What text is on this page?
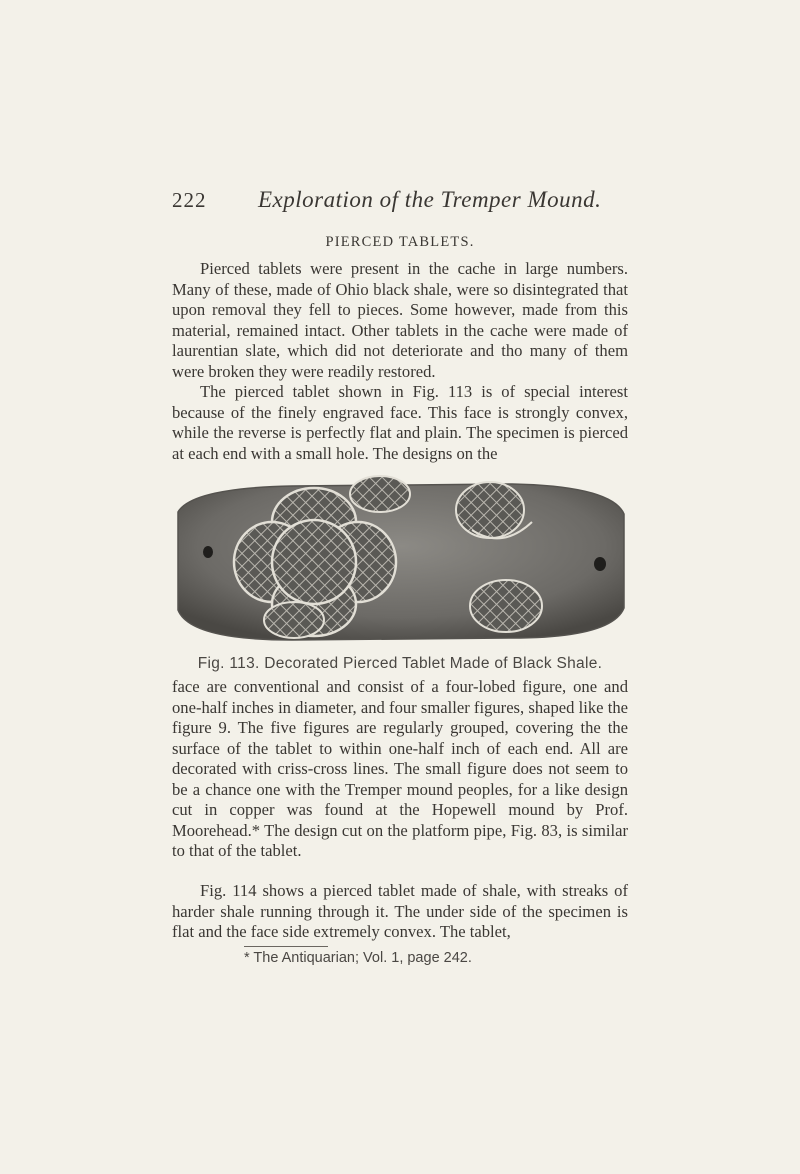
222 Exploration of the Tremper Mound.
PIERCED TABLETS.

Pierced tablets were present in the cache in large numbers. Many of these, made of Ohio black shale, were so disintegrated that upon removal they fell to pieces. Some however, made from this material, remained intact. Other tablets in the cache were made of laurentian slate, which did not deteriorate and tho many of them were broken they were readily restored.

The pierced tablet shown in Fig. 113 is of special interest because of the finely engraved face. This face is strongly convex, while the reverse is perfectly flat and plain. The specimen is pierced at each end with a small hole. The designs on the

Fig. 113. Decorated Pierced Tablet Made of Black Shale.

face are conventional and consist of a four-lobed figure, one and one-half inches in diameter, and four smaller figures, shaped like the figure 9. The five figures are regularly grouped, covering the the surface of the tablet to within one-half inch of each end. All are decorated with criss-cross lines. The small figure does not seem to be a chance one with the Tremper mound peoples, for a like design cut in copper was found at the Hopewell mound by Prof. Moorehead.* The design cut on the platform pipe, Fig. 83, is similar to that of the tablet.

Fig. 114 shows a pierced tablet made of shale, with streaks of harder shale running through it. The under side of the specimen is flat and the face side extremely convex. The tablet,

* The Antiquarian; Vol. 1, page 242.
